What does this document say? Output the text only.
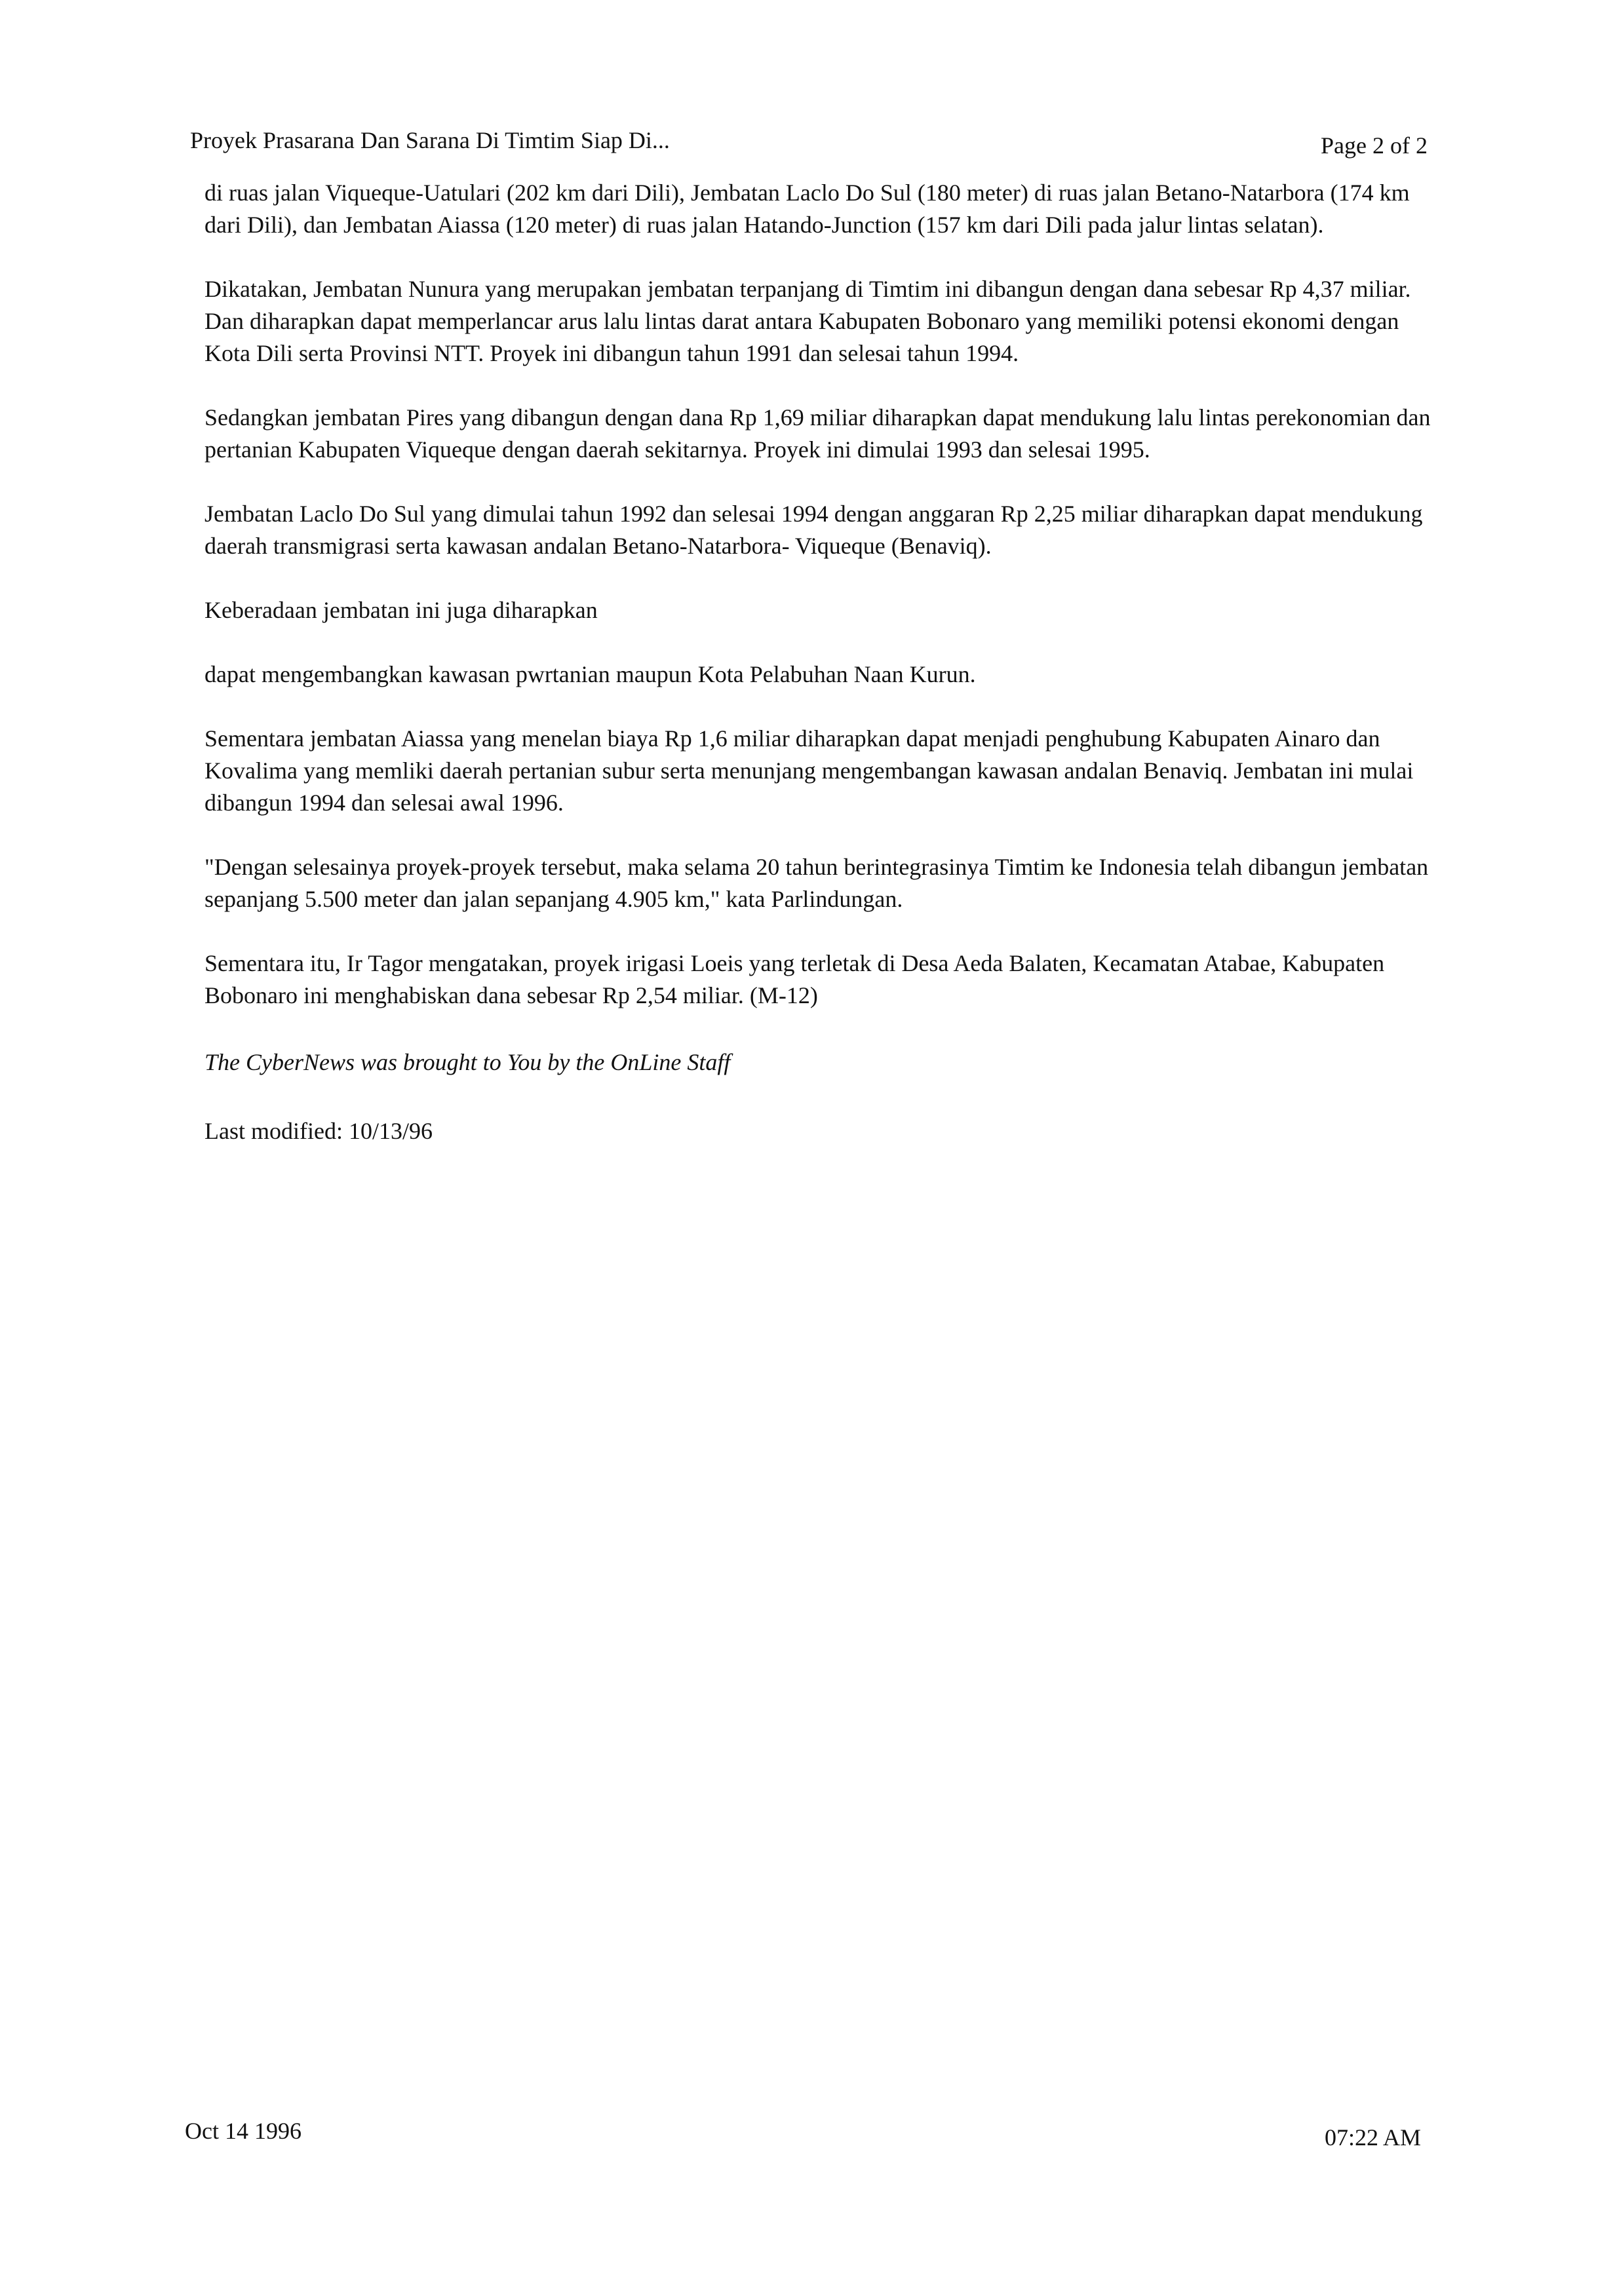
Proyek Prasarana Dan Sarana Di Timtim Siap Di...	Page 2 of 2

di ruas jalan Viqueque-Uatulari (202 km dari Dili), Jembatan Laclo Do Sul (180 meter) di ruas jalan Betano-Natarbora (174 km dari Dili), dan Jembatan Aiassa (120 meter) di ruas jalan Hatando-Junction (157 km dari Dili pada jalur lintas selatan).

Dikatakan, Jembatan Nunura yang merupakan jembatan terpanjang di Timtim ini dibangun dengan dana sebesar Rp 4,37 miliar. Dan diharapkan dapat memperlancar arus lalu lintas darat antara Kabupaten Bobonaro yang memiliki potensi ekonomi dengan Kota Dili serta Provinsi NTT. Proyek ini dibangun tahun 1991 dan selesai tahun 1994.

Sedangkan jembatan Pires yang dibangun dengan dana Rp 1,69 miliar diharapkan dapat mendukung lalu lintas perekonomian dan pertanian Kabupaten Viqueque dengan daerah sekitarnya. Proyek ini dimulai 1993 dan selesai 1995.

Jembatan Laclo Do Sul yang dimulai tahun 1992 dan selesai 1994 dengan anggaran Rp 2,25 miliar diharapkan dapat mendukung daerah transmigrasi serta kawasan andalan Betano-Natarbora- Viqueque (Benaviq).

Keberadaan jembatan ini juga diharapkan

dapat mengembangkan kawasan pwrtanian maupun Kota Pelabuhan Naan Kurun.

Sementara jembatan Aiassa yang menelan biaya Rp 1,6 miliar diharapkan dapat menjadi penghubung Kabupaten Ainaro dan Kovalima yang memliki daerah pertanian subur serta menunjang mengembangan kawasan andalan Benaviq. Jembatan ini mulai dibangun 1994 dan selesai awal 1996.

"Dengan selesainya proyek-proyek tersebut, maka selama 20 tahun berintegrasinya Timtim ke Indonesia telah dibangun jembatan sepanjang 5.500 meter dan jalan sepanjang 4.905 km," kata Parlindungan.

Sementara itu, Ir Tagor mengatakan, proyek irigasi Loeis yang terletak di Desa Aeda Balaten, Kecamatan Atabae, Kabupaten Bobonaro ini menghabiskan dana sebesar Rp 2,54 miliar. (M-12)

The CyberNews was brought to You by the OnLine Staff

Last modified: 10/13/96

Oct 14 1996	07:22 AM
